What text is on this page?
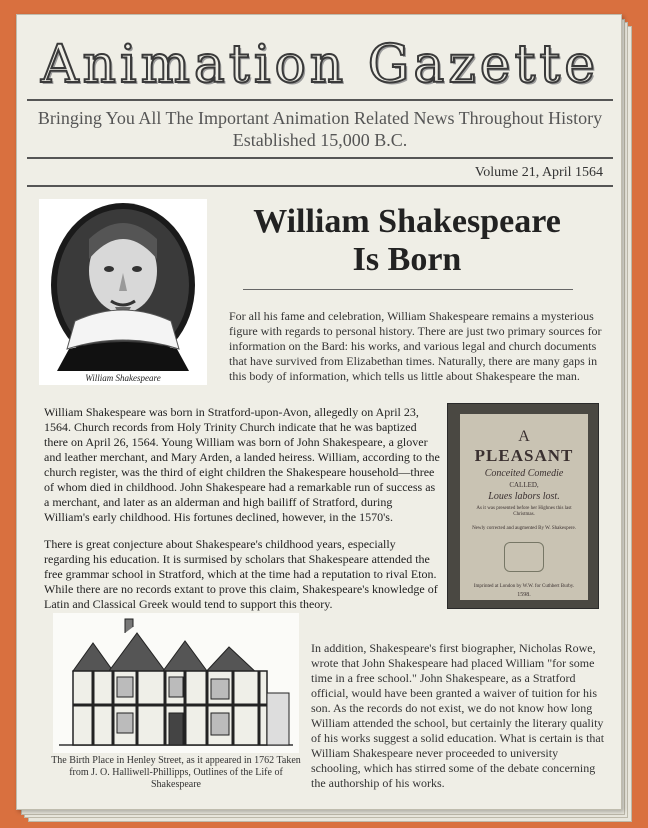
Animation Gazette
Bringing You All The Important Animation Related News Throughout History
Established 15,000 B.C.
Volume 21, April 1564
William Shakespeare
William Shakespeare
Is Born
For all his fame and celebration, William Shakespeare remains a mysterious figure with regards to personal history. There are just two primary sources for information on the Bard: his works, and various legal and church documents that have survived from Elizabethan times. Naturally, there are many gaps in this body of information, which tells us little about Shakespeare the man.
William Shakespeare was born in Stratford-upon-Avon, allegedly on April 23, 1564. Church records from Holy Trinity Church indicate that he was baptized there on April 26, 1564. Young William was born of John Shakespeare, a glover and leather merchant, and Mary Arden, a landed heiress. William, according to the church register, was the third of eight children the Shakespeare household—three of whom died in childhood. John Shakespeare had a remarkable run of success as a merchant, and later as an alderman and high bailiff of Stratford, during William's early childhood. His fortunes declined, however, in the 1570's.
There is great conjecture about Shakespeare's childhood years, especially regarding his education. It is surmised by scholars that Shakespeare attended the free grammar school in Stratford, which at the time had a reputation to rival Eton. While there are no records extant to prove this claim, Shakespeare's knowledge of Latin and Classical Greek would tend to support this theory.
A
PLEASANT
Conceited Comedie
CALLED,
Loues labors lost.
As it was presented before her Highnes this last Christmas.
Newly corrected and augmented By W. Shakespere.
Imprinted at London by W.W. for Cuthbert Burby.
1598.
The Birth Place in Henley Street, as it appeared in 1762 Taken from J. O. Halliwell-Phillipps, Outlines of the Life of Shakespeare
In addition, Shakespeare's first biographer, Nicholas Rowe, wrote that John Shakespeare had placed William "for some time in a free school." John Shakespeare, as a Stratford official, would have been granted a waiver of tuition for his son. As the records do not exist, we do not know how long William attended the school, but certainly the literary quality of his works suggest a solid education. What is certain is that William Shakespeare never proceeded to university schooling, which has stirred some of the debate concerning the authorship of his works.
